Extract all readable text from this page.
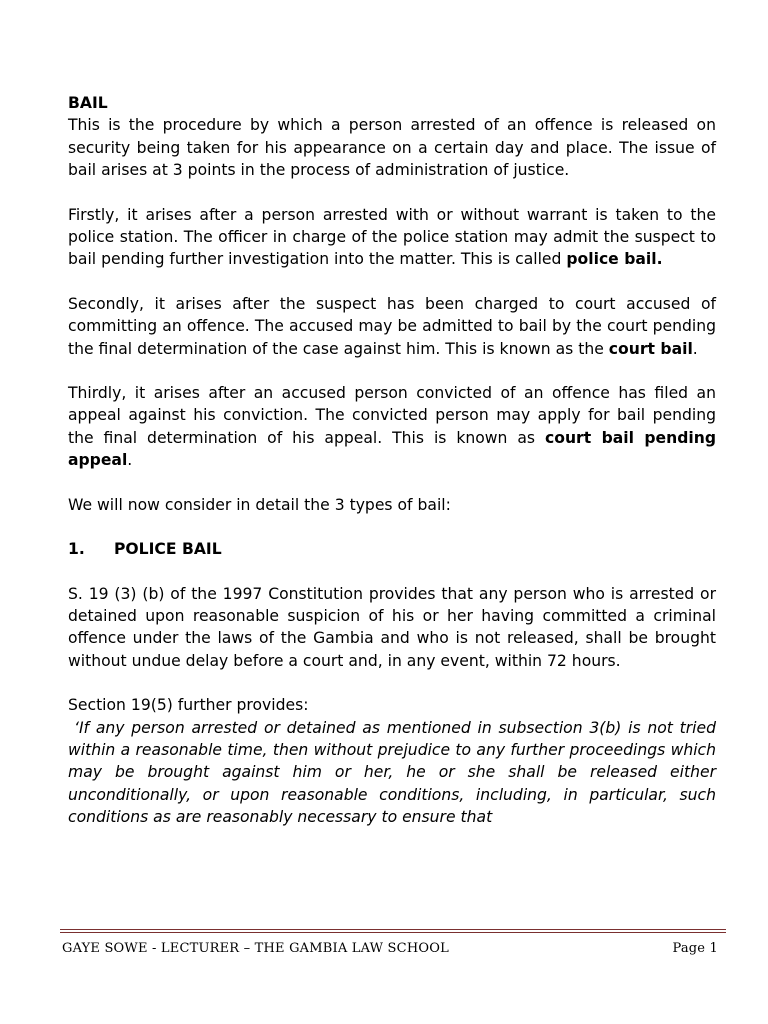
BAIL

This is the procedure by which a person arrested of an offence is released on security being taken for his appearance on a certain day and place. The issue of bail arises at 3 points in the process of administration of justice.

Firstly, it arises after a person arrested with or without warrant is taken to the police station. The officer in charge of the police station may admit the suspect to bail pending further investigation into the matter. This is called police bail.

Secondly, it arises after the suspect has been charged to court accused of committing an offence. The accused may be admitted to bail by the court pending the final determination of the case against him. This is known as the court bail.

Thirdly, it arises after an accused person convicted of an offence has filed an appeal against his conviction. The convicted person may apply for bail pending the final determination of his appeal. This is known as court bail pending appeal.

We will now consider in detail the 3 types of bail:

1. POLICE BAIL

S. 19 (3) (b) of the 1997 Constitution provides that any person who is arrested or detained upon reasonable suspicion of his or her having committed a criminal offence under the laws of the Gambia and who is not released, shall be brought without undue delay before a court and, in any event, within 72 hours.

Section 19(5) further provides:

‘If any person arrested or detained as mentioned in subsection 3(b) is not tried within a reasonable time, then without prejudice to any further proceedings which may be brought against him or her, he or she shall be released either unconditionally, or upon reasonable conditions, including, in particular, such conditions as are reasonably necessary to ensure that

GAYE SOWE - LECTURER – THE GAMBIA LAW SCHOOL	Page 1
